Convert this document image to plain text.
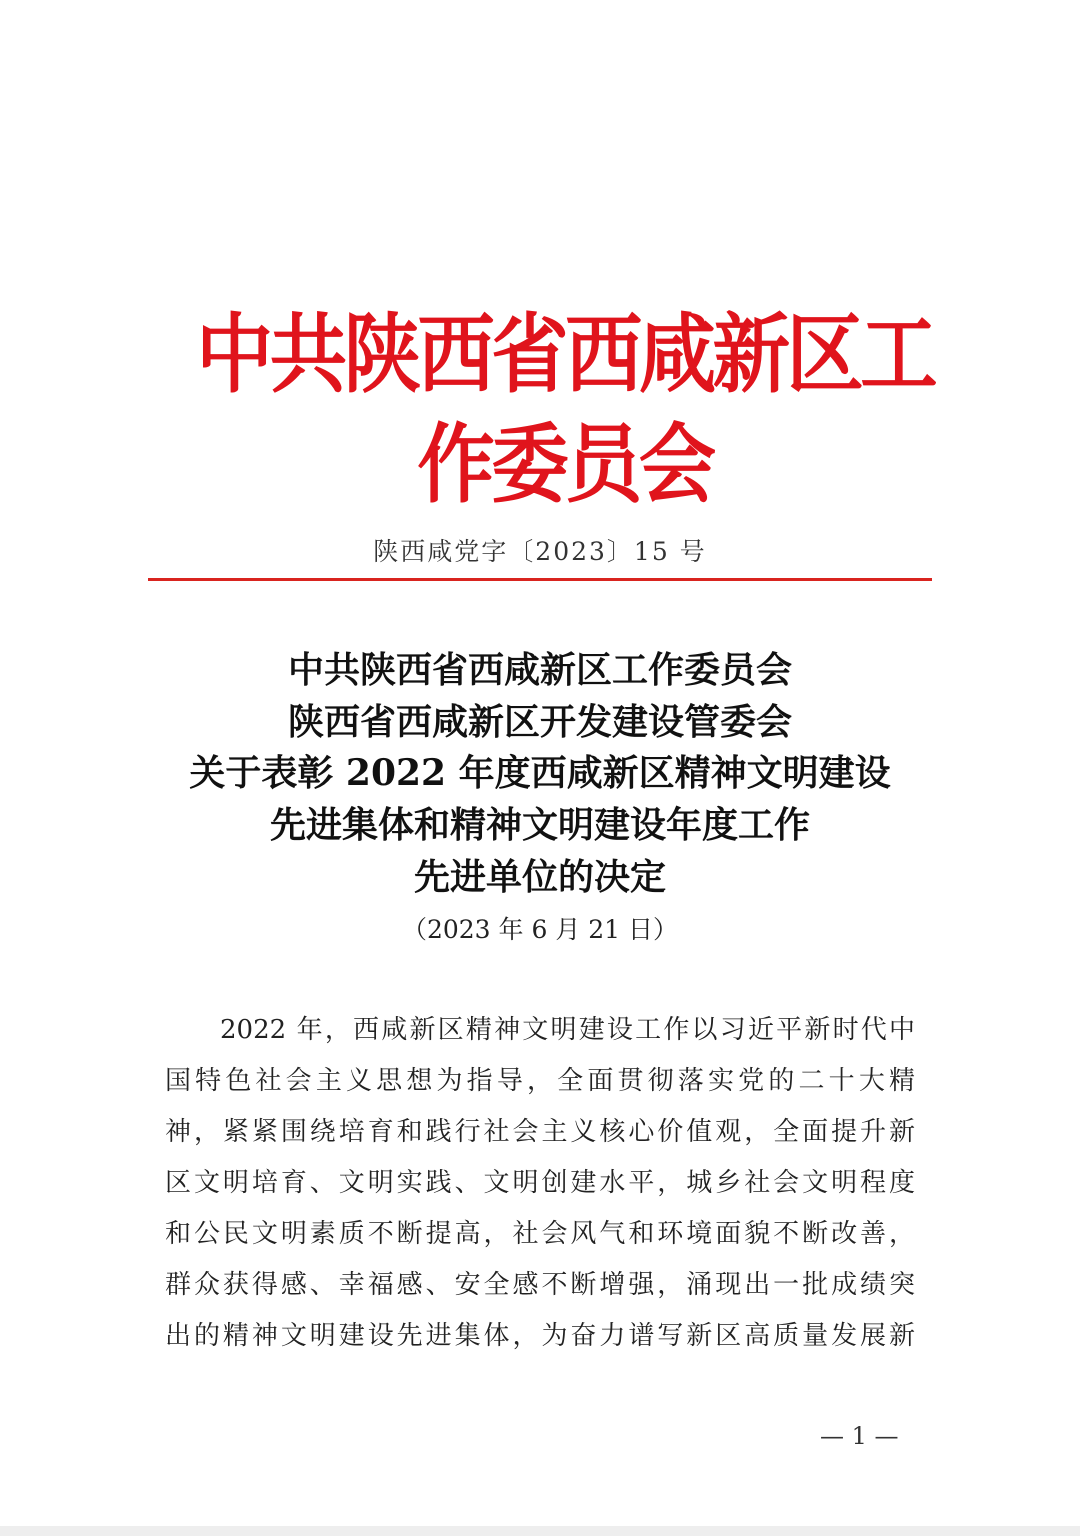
中共陕西省西咸新区工作委员会
陕西咸党字〔2023〕15 号
中共陕西省西咸新区工作委员会
陕西省西咸新区开发建设管委会
关于表彰 2022 年度西咸新区精神文明建设
先进集体和精神文明建设年度工作
先进单位的决定
（2023 年 6 月 21 日）
2022 年，西咸新区精神文明建设工作以习近平新时代中
国特色社会主义思想为指导，全面贯彻落实党的二十大精
神，紧紧围绕培育和践行社会主义核心价值观，全面提升新
区文明培育、文明实践、文明创建水平，城乡社会文明程度
和公民文明素质不断提高，社会风气和环境面貌不断改善，
群众获得感、幸福感、安全感不断增强，涌现出一批成绩突
出的精神文明建设先进集体，为奋力谱写新区高质量发展新
— 1 —
